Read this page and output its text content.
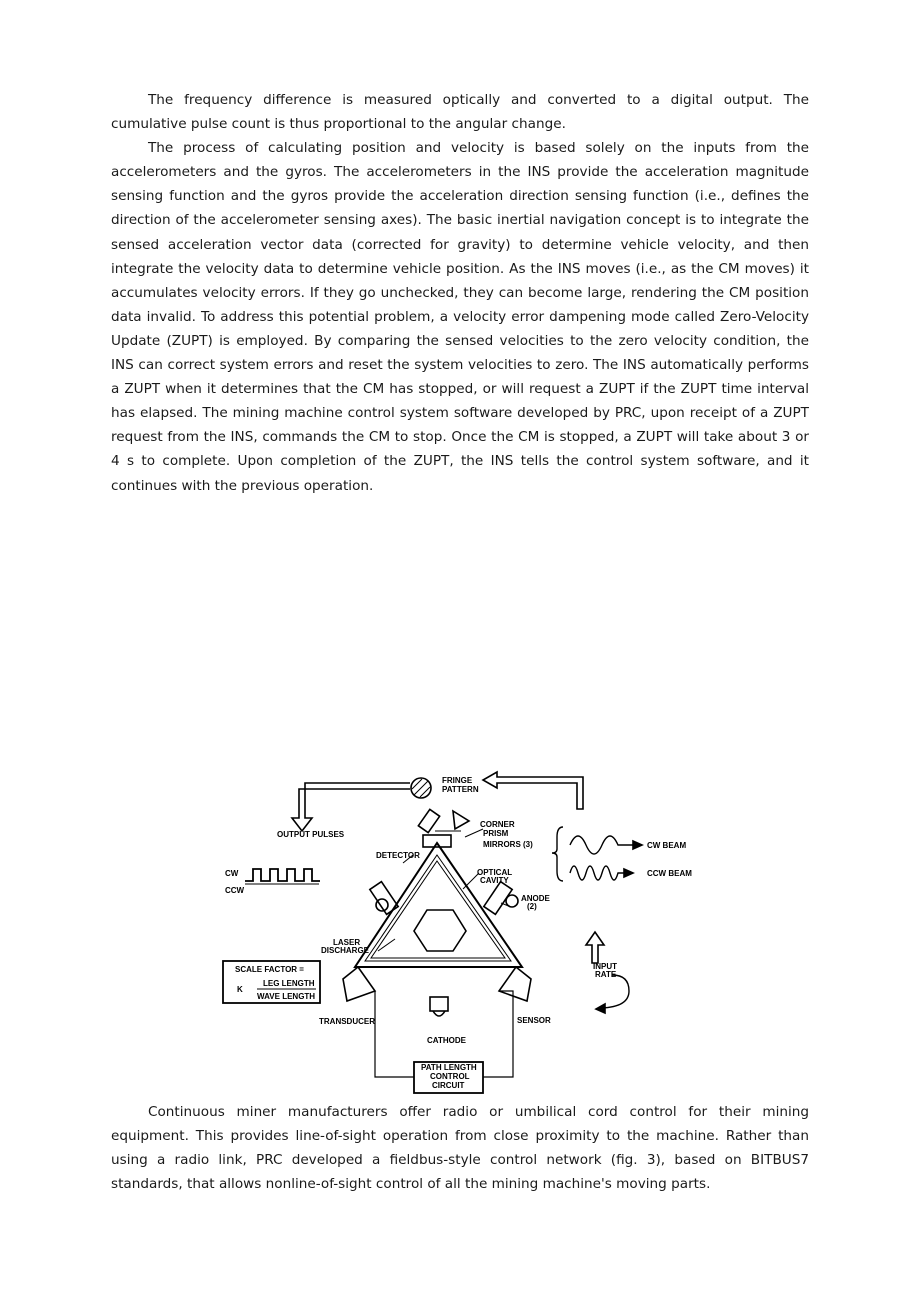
The frequency difference is measured optically and converted to a digital output. The cumulative pulse count is thus proportional to the angular change.

The process of calculating position and velocity is based solely on the inputs from the accelerometers and the gyros. The accelerometers in the INS provide the acceleration magnitude sensing function and the gyros provide the acceleration direction sensing function (i.e., defines the direction of the accelerometer sensing axes). The basic inertial navigation concept is to integrate the sensed acceleration vector data (corrected for gravity) to determine vehicle velocity, and then integrate the velocity data to determine vehicle position. As the INS moves (i.e., as the CM moves) it accumulates velocity errors. If they go unchecked, they can become large, rendering the CM position data invalid. To address this potential problem, a velocity error dampening mode called Zero-Velocity Update (ZUPT) is employed. By comparing the sensed velocities to the zero velocity condition, the INS can correct system errors and reset the system velocities to zero. The INS automatically performs a ZUPT when it determines that the CM has stopped, or will request a ZUPT if the ZUPT time interval has elapsed. The mining machine control system software developed by PRC, upon receipt of a ZUPT request from the INS, commands the CM to stop. Once the CM is stopped, a ZUPT will take about 3 or 4 s to complete. Upon completion of the ZUPT, the INS tells the control system software, and it continues with the previous operation.

FRINGE
PATTERN
OUTPUT PULSES
CORNER
PRISM
MIRRORS (3)
DETECTOR
CW
CCW
OPTICAL
CAVITY
CW BEAM
CCW BEAM
ANODE
(2)
LASER
DISCHARGE
SCALE FACTOR =
K
LEG LENGTH
WAVE LENGTH
INPUT
RATE
TRANSDUCER	SENSOR
CATHODE
PATH LENGTH
CONTROL
CIRCUIT

Continuous miner manufacturers offer radio or umbilical cord control for their mining equipment. This provides line-of-sight operation from close proximity to the machine. Rather than using a radio link, PRC developed a fieldbus-style control network (fig. 3), based on BITBUS7 standards, that allows nonline-of-sight control of all the mining machine's moving parts.
